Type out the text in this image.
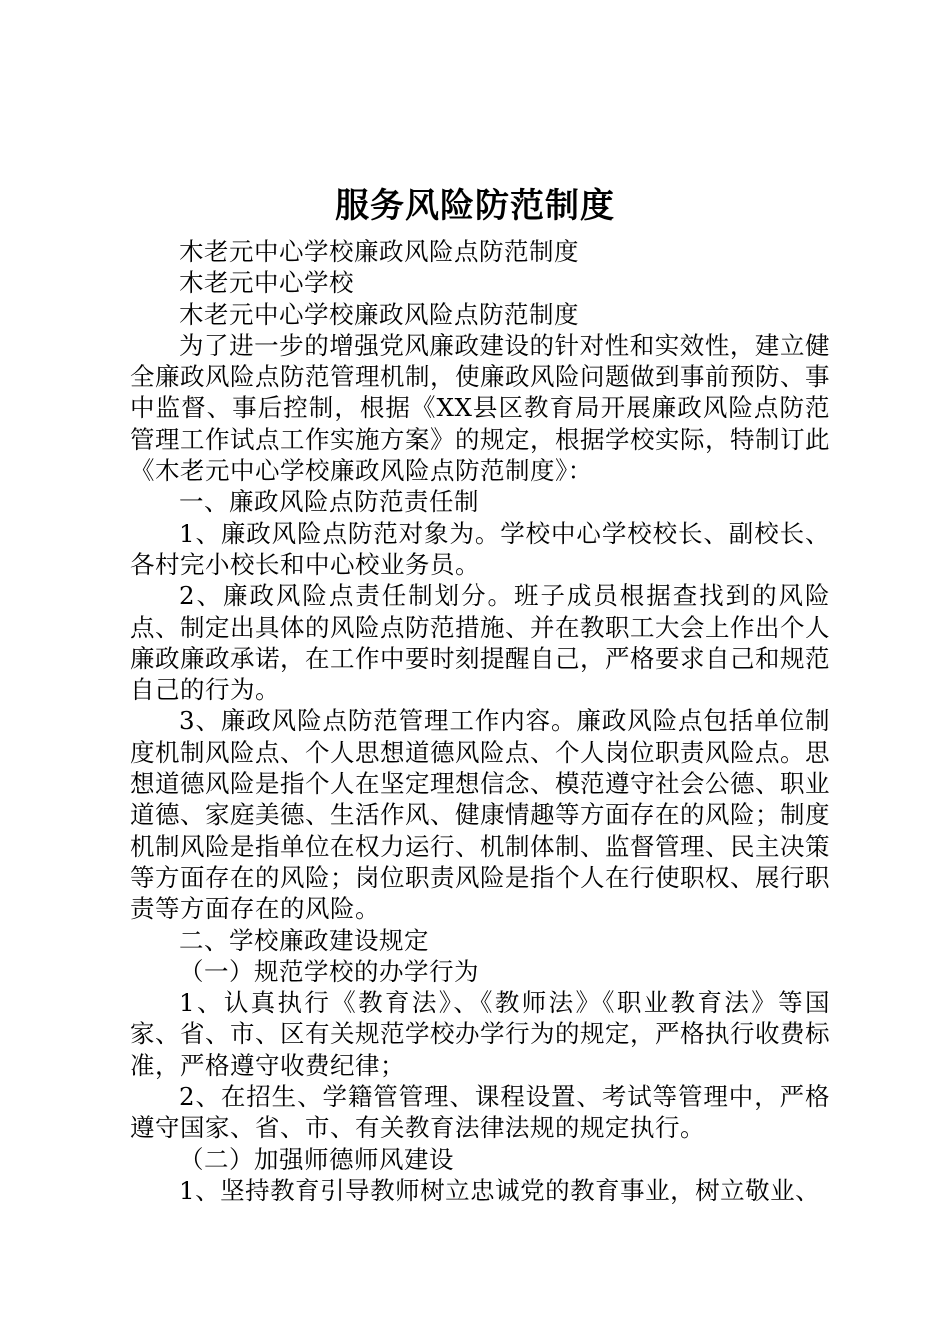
服务风险防范制度

木老元中心学校廉政风险点防范制度

木老元中心学校

木老元中心学校廉政风险点防范制度

为了进一步的增强党风廉政建设的针对性和实效性，建立健全廉政风险点防范管理机制，使廉政风险问题做到事前预防、事中监督、事后控制，根据《XX县区教育局开展廉政风险点防范管理工作试点工作实施方案》的规定，根据学校实际，特制订此《木老元中心学校廉政风险点防范制度》：

一、廉政风险点防范责任制

1、廉政风险点防范对象为。学校中心学校校长、副校长、各村完小校长和中心校业务员。

2、廉政风险点责任制划分。班子成员根据查找到的风险点、制定出具体的风险点防范措施、并在教职工大会上作出个人廉政廉政承诺，在工作中要时刻提醒自己，严格要求自己和规范自己的行为。

3、廉政风险点防范管理工作内容。廉政风险点包括单位制度机制风险点、个人思想道德风险点、个人岗位职责风险点。思想道德风险是指个人在坚定理想信念、模范遵守社会公德、职业道德、家庭美德、生活作风、健康情趣等方面存在的风险；制度机制风险是指单位在权力运行、机制体制、监督管理、民主决策等方面存在的风险；岗位职责风险是指个人在行使职权、展行职责等方面存在的风险。

二、学校廉政建设规定

（一）规范学校的办学行为

1、认真执行《教育法》、《教师法》《职业教育法》等国家、省、市、区有关规范学校办学行为的规定，严格执行收费标准，严格遵守收费纪律；

2、在招生、学籍管管理、课程设置、考试等管理中，严格遵守国家、省、市、有关教育法律法规的规定执行。

（二）加强师德师风建设

1、坚持教育引导教师树立忠诚党的教育事业，树立敬业、
